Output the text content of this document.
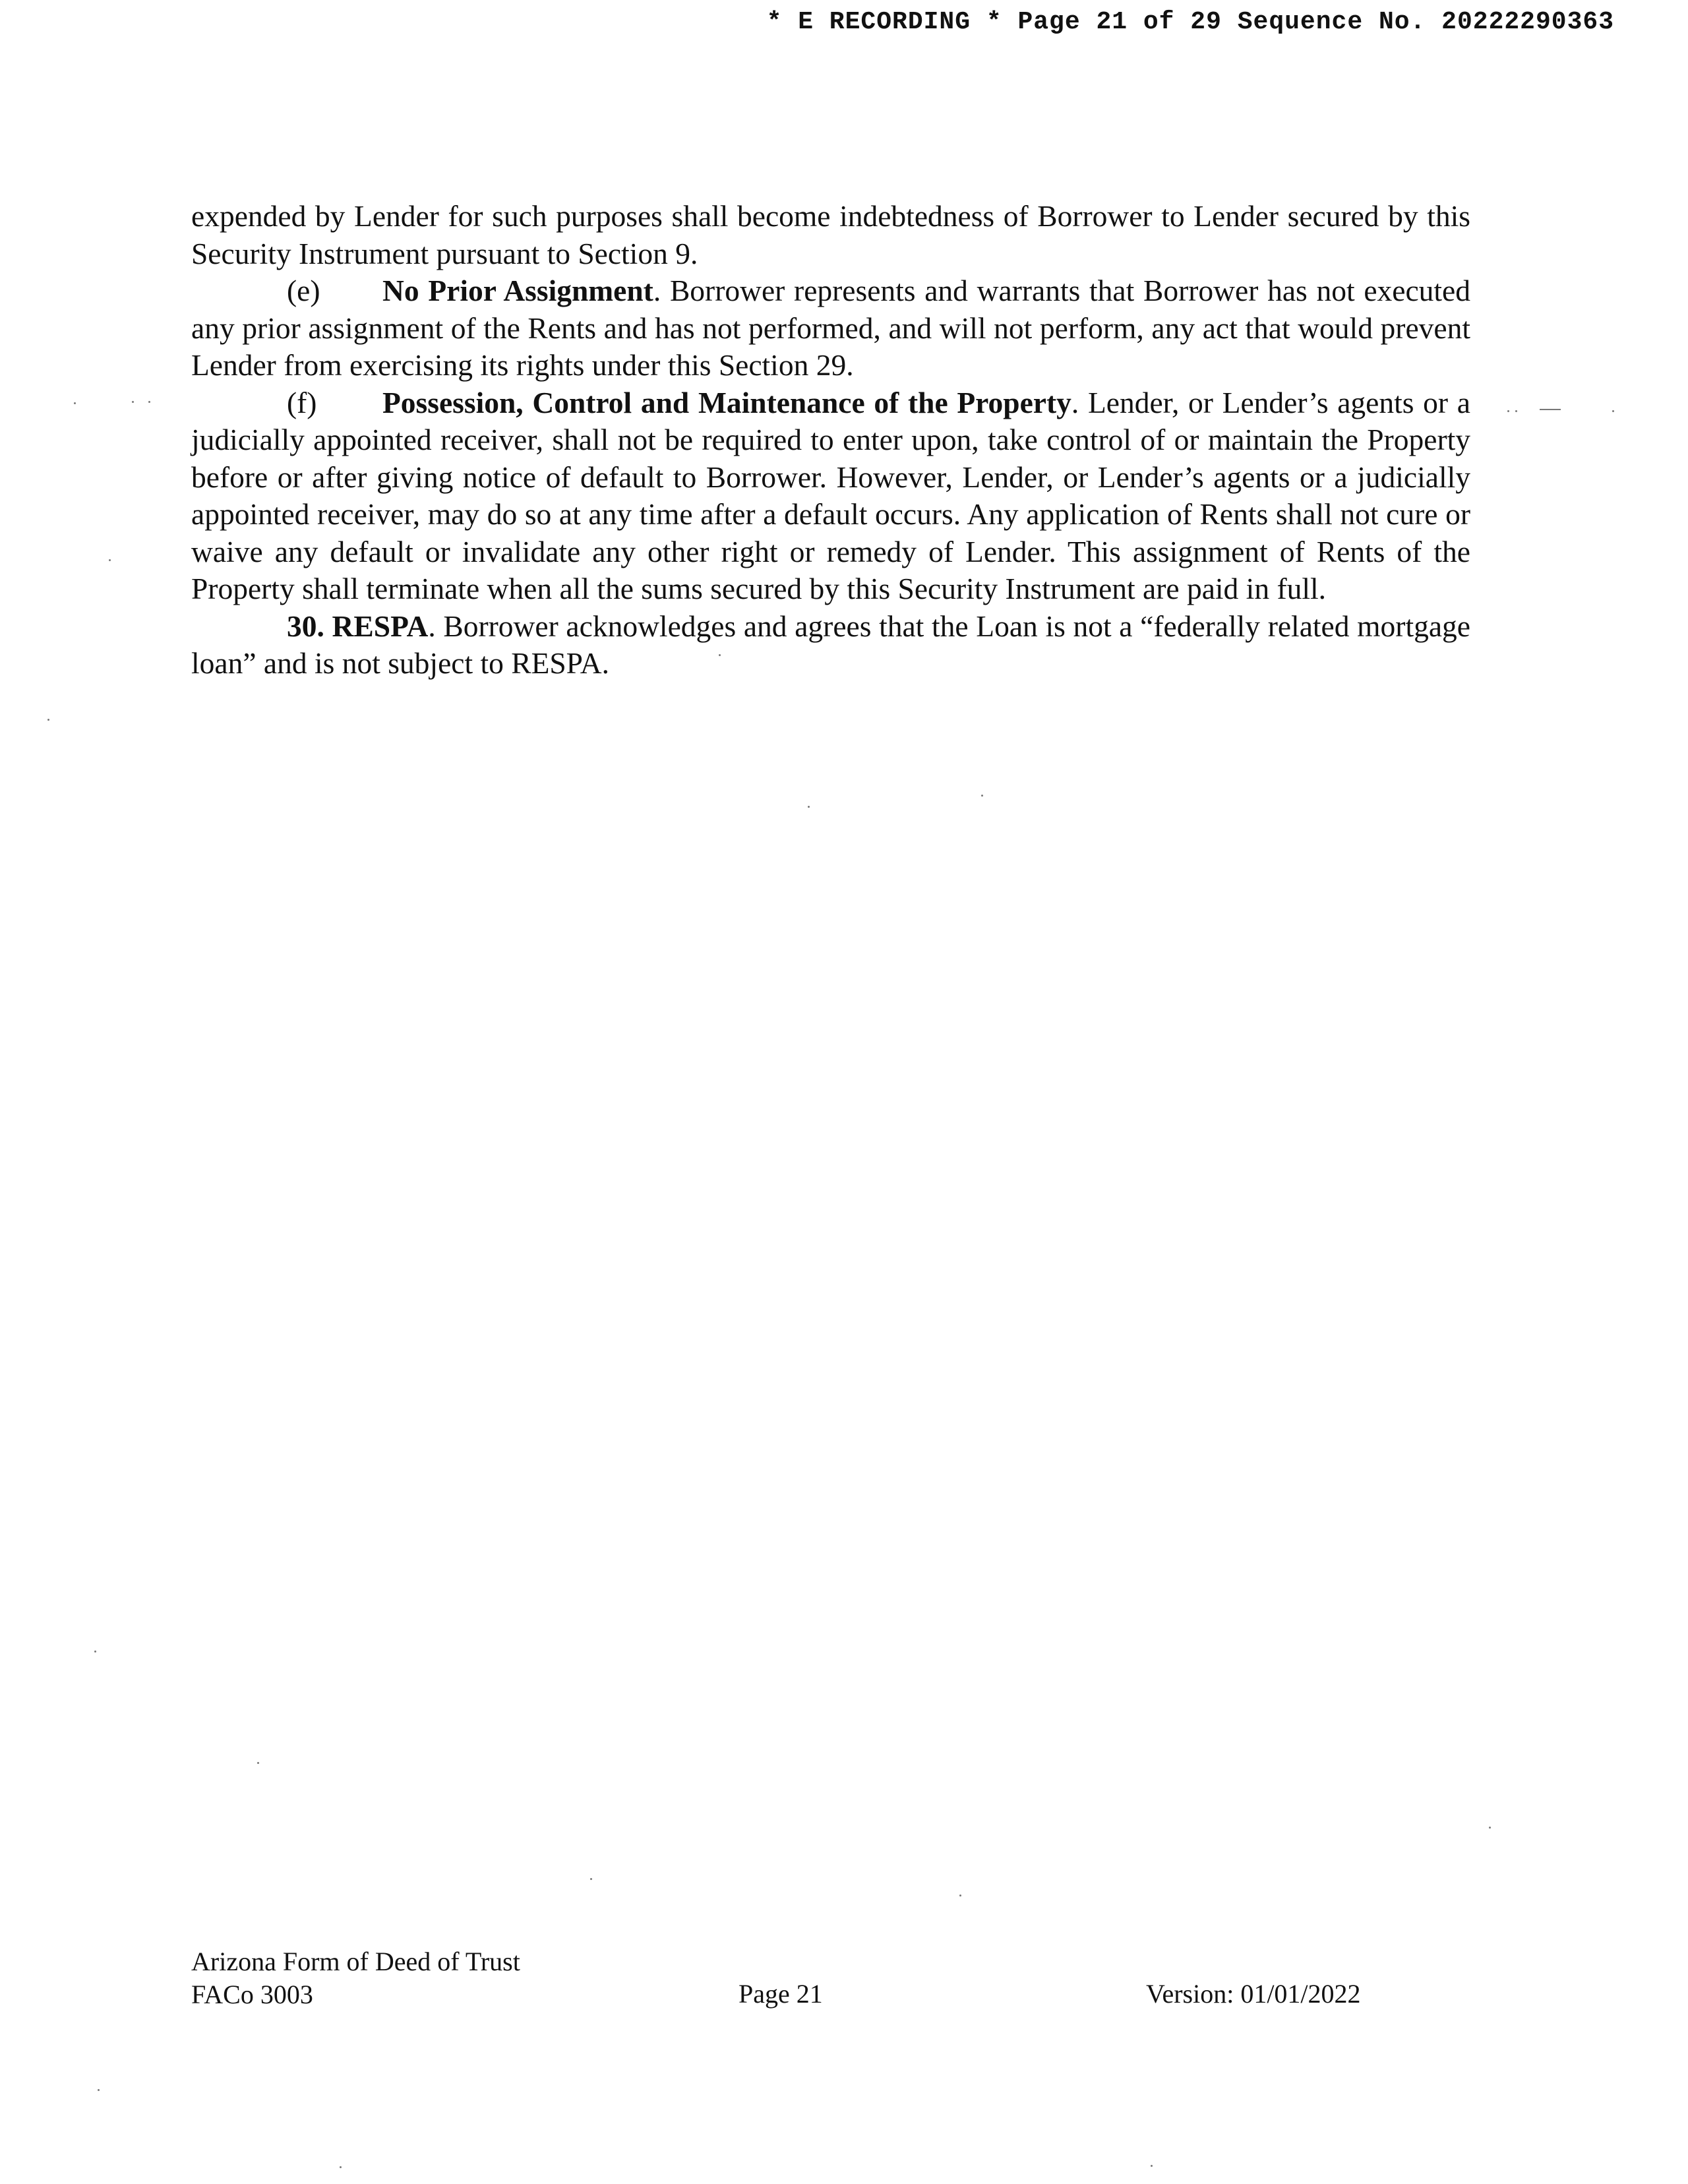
* E RECORDING * Page 21 of 29 Sequence No. 20222290363

expended by Lender for such purposes shall become indebtedness of Borrower to Lender secured by this Security Instrument pursuant to Section 9.

(e) No Prior Assignment. Borrower represents and warrants that Borrower has not executed any prior assignment of the Rents and has not performed, and will not perform, any act that would prevent Lender from exercising its rights under this Section 29.

(f) Possession, Control and Maintenance of the Property. Lender, or Lender’s agents or a judicially appointed receiver, shall not be required to enter upon, take control of or maintain the Property before or after giving notice of default to Borrower. However, Lender, or Lender’s agents or a judicially appointed receiver, may do so at any time after a default occurs. Any application of Rents shall not cure or waive any default or invalidate any other right or remedy of Lender. This assignment of Rents of the Property shall terminate when all the sums secured by this Security Instrument are paid in full.

30. RESPA. Borrower acknowledges and agrees that the Loan is not a “federally related mortgage loan” and is not subject to RESPA.

Arizona Form of Deed of Trust
FACo 3003	Page 21	Version: 01/01/2022
